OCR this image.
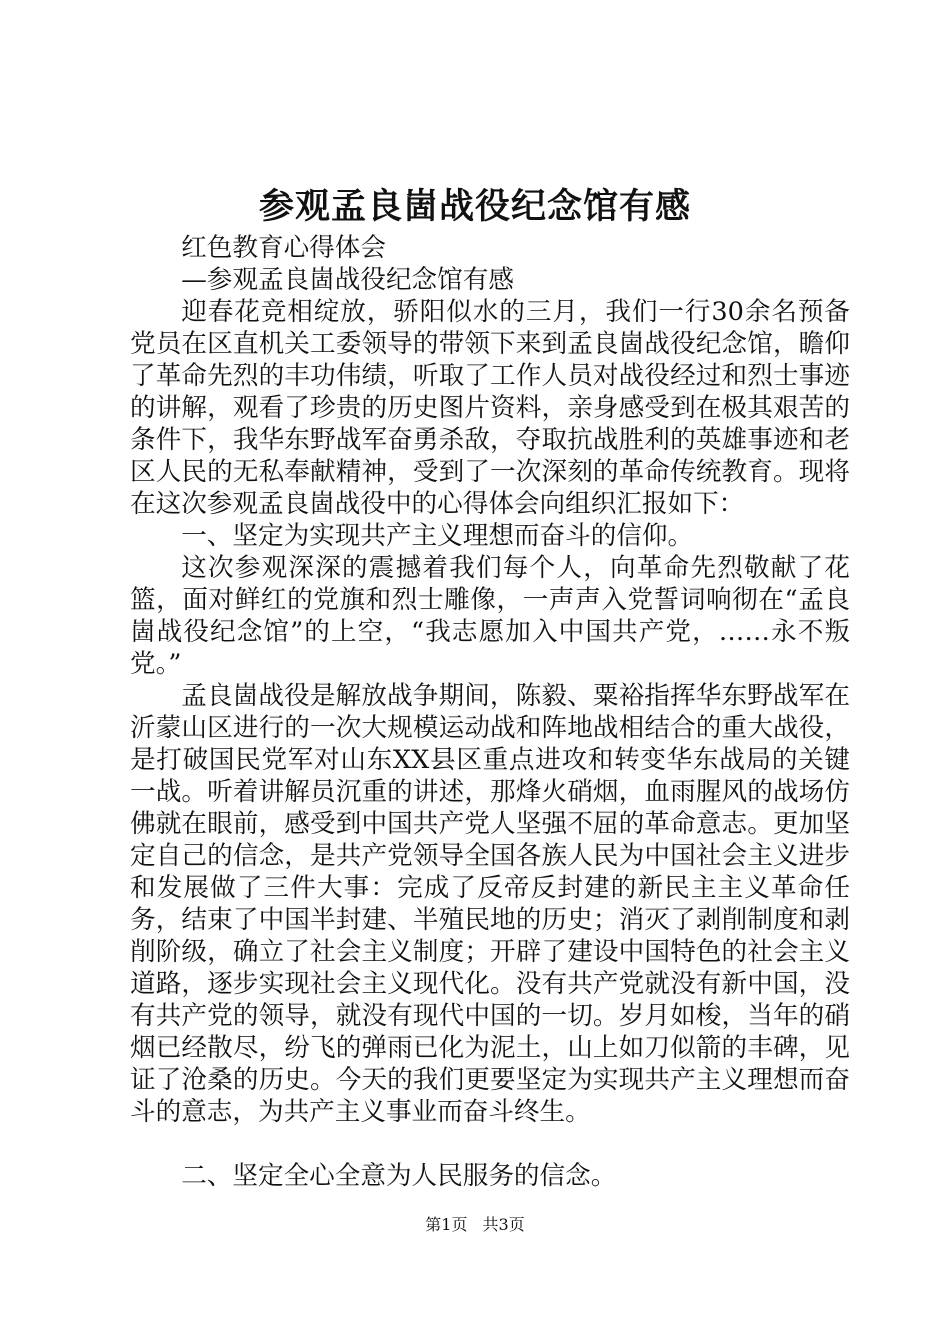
参观孟良崮战役纪念馆有感

红色教育心得体会

—参观孟良崮战役纪念馆有感

迎春花竞相绽放，骄阳似水的三月，我们一行30余名预备党员在区直机关工委领导的带领下来到孟良崮战役纪念馆，瞻仰了革命先烈的丰功伟绩，听取了工作人员对战役经过和烈士事迹的讲解，观看了珍贵的历史图片资料，亲身感受到在极其艰苦的条件下，我华东野战军奋勇杀敌，夺取抗战胜利的英雄事迹和老区人民的无私奉献精神，受到了一次深刻的革命传统教育。现将在这次参观孟良崮战役中的心得体会向组织汇报如下：

一、坚定为实现共产主义理想而奋斗的信仰。

这次参观深深的震撼着我们每个人，向革命先烈敬献了花篮，面对鲜红的党旗和烈士雕像，一声声入党誓词响彻在“孟良崮战役纪念馆”的上空，“我志愿加入中国共产党，……永不叛党。”

孟良崮战役是解放战争期间，陈毅、粟裕指挥华东野战军在沂蒙山区进行的一次大规模运动战和阵地战相结合的重大战役，是打破国民党军对山东XX县区重点进攻和转变华东战局的关键一战。听着讲解员沉重的讲述，那烽火硝烟，血雨腥风的战场仿佛就在眼前，感受到中国共产党人坚强不屈的革命意志。更加坚定自己的信念，是共产党领导全国各族人民为中国社会主义进步和发展做了三件大事：完成了反帝反封建的新民主主义革命任务，结束了中国半封建、半殖民地的历史；消灭了剥削制度和剥削阶级，确立了社会主义制度；开辟了建设中国特色的社会主义道路，逐步实现社会主义现代化。没有共产党就没有新中国，没有共产党的领导，就没有现代中国的一切。岁月如梭，当年的硝烟已经散尽，纷飞的弹雨已化为泥土，山上如刀似箭的丰碑，见证了沧桑的历史。今天的我们更要坚定为实现共产主义理想而奋斗的意志，为共产主义事业而奋斗终生。

二、坚定全心全意为人民服务的信念。

第1页 共3页
